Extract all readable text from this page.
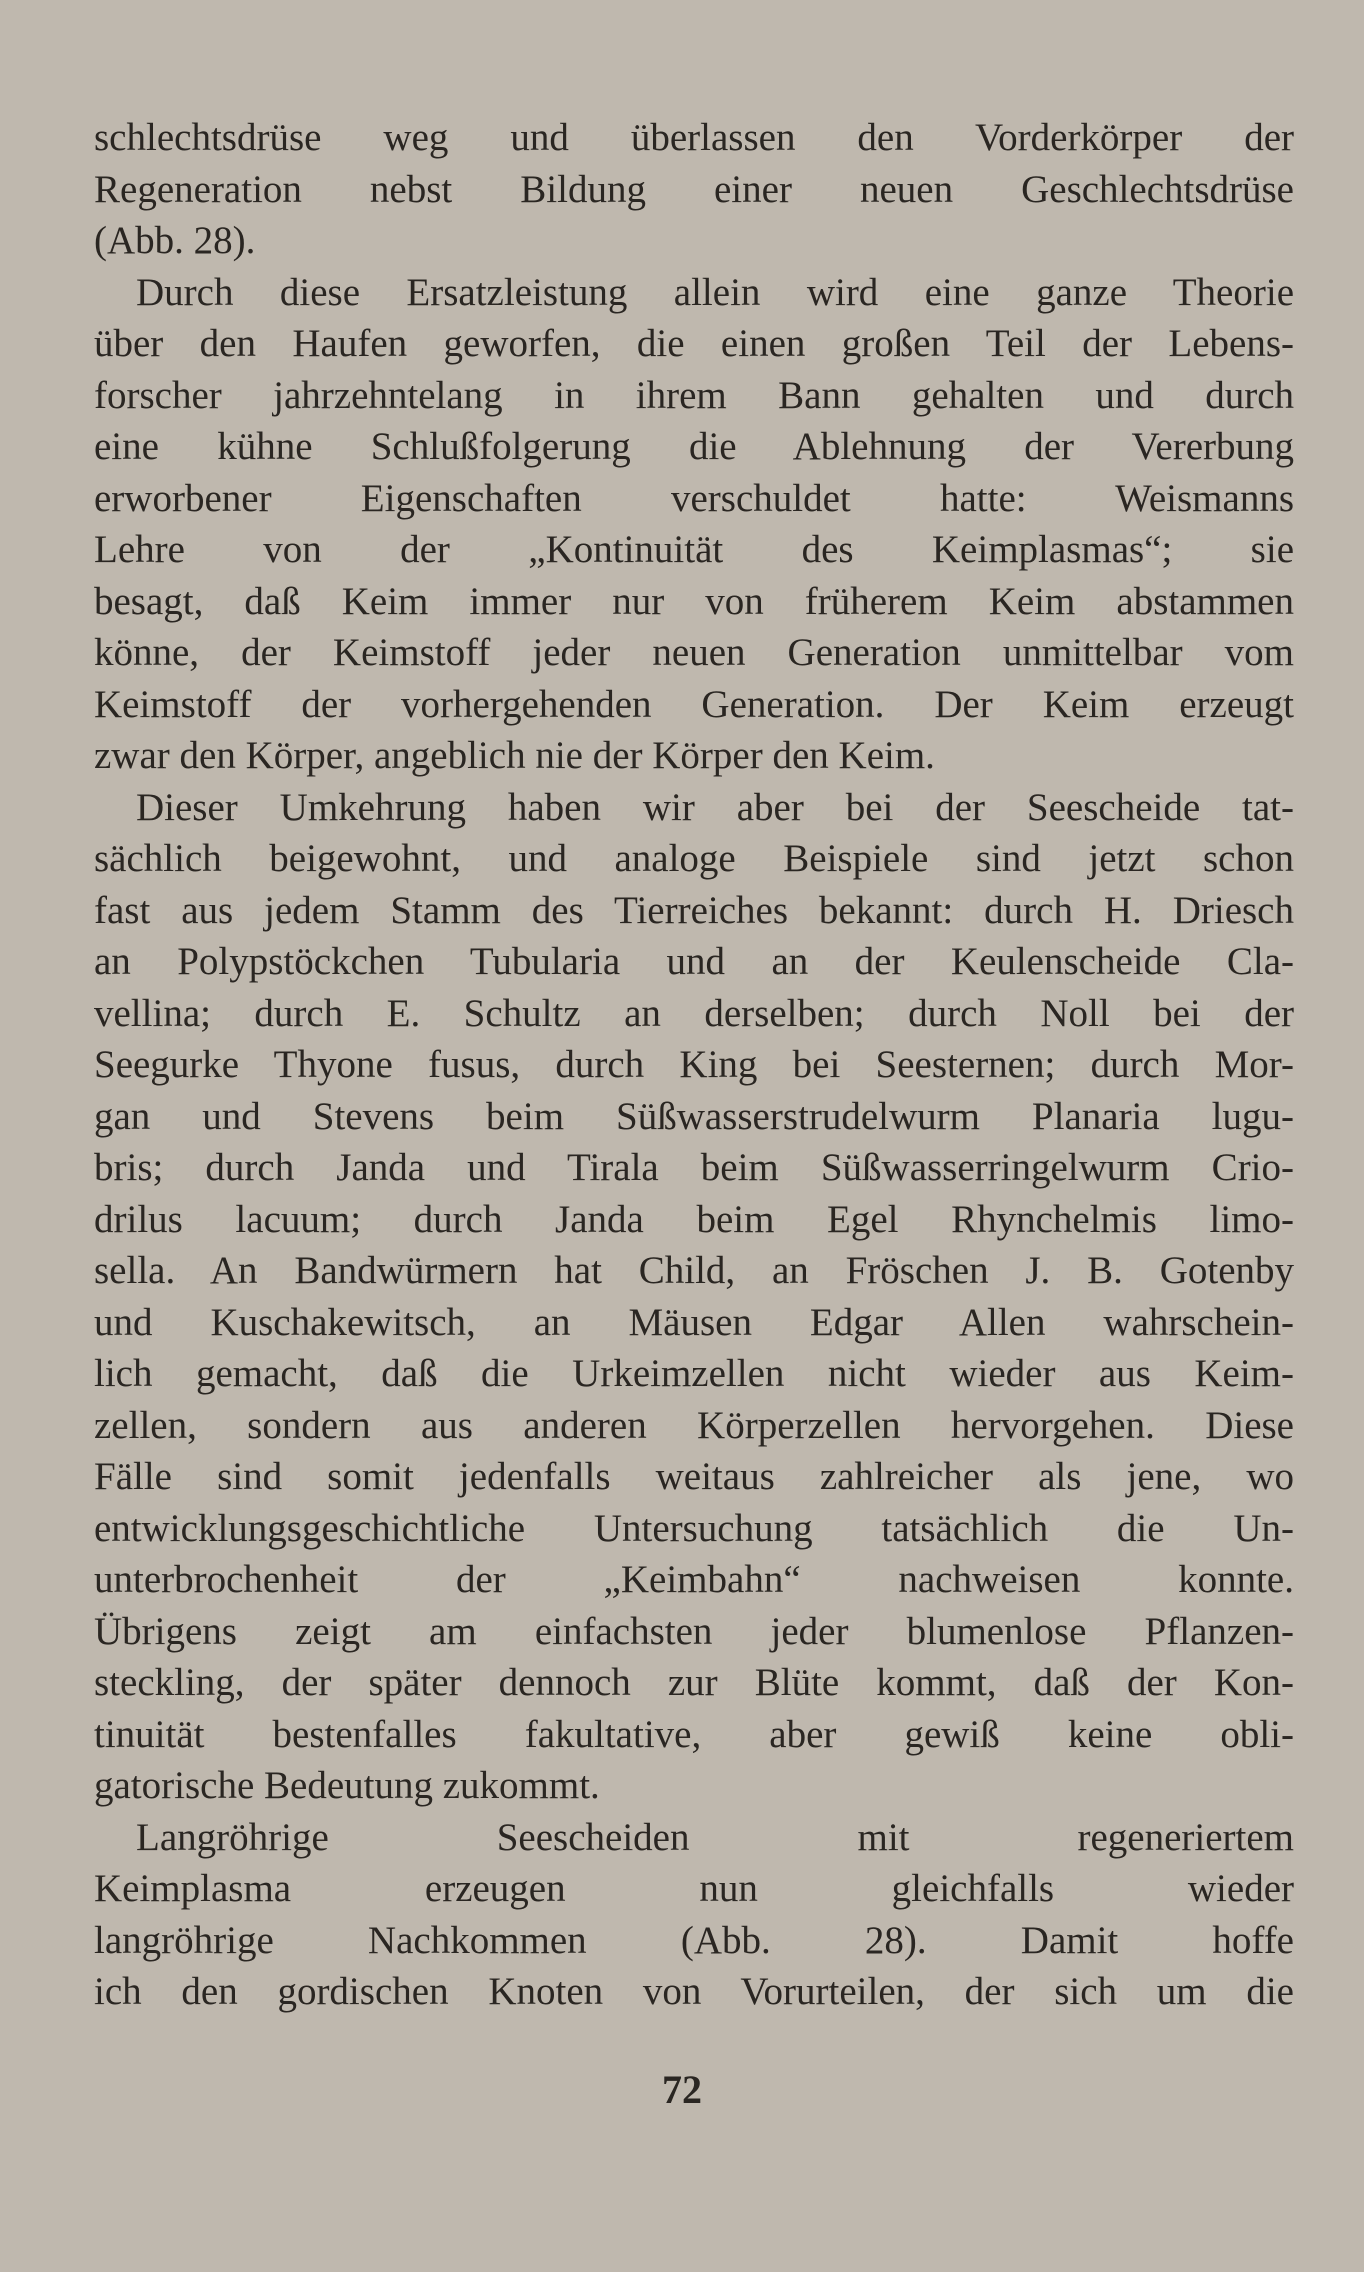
schlechtsdrüse weg und überlassen den Vorderkörper der
Regeneration nebst Bildung einer neuen Geschlechtsdrüse
(Abb. 28).
Durch diese Ersatzleistung allein wird eine ganze Theorie
über den Haufen geworfen, die einen großen Teil der Lebens-
forscher jahrzehntelang in ihrem Bann gehalten und durch
eine kühne Schlußfolgerung die Ablehnung der Vererbung
erworbener Eigenschaften verschuldet hatte: Weismanns
Lehre von der „Kontinuität des Keimplasmas“; sie
besagt, daß Keim immer nur von früherem Keim abstammen
könne, der Keimstoff jeder neuen Generation unmittelbar vom
Keimstoff der vorhergehenden Generation. Der Keim erzeugt
zwar den Körper, angeblich nie der Körper den Keim.
Dieser Umkehrung haben wir aber bei der Seescheide tat-
sächlich beigewohnt, und analoge Beispiele sind jetzt schon
fast aus jedem Stamm des Tierreiches bekannt: durch H. Driesch
an Polypstöckchen Tubularia und an der Keulenscheide Cla-
vellina; durch E. Schultz an derselben; durch Noll bei der
Seegurke Thyone fusus, durch King bei Seesternen; durch Mor-
gan und Stevens beim Süßwasserstrudelwurm Planaria lugu-
bris; durch Janda und Tirala beim Süßwasserringelwurm Crio-
drilus lacuum; durch Janda beim Egel Rhynchelmis limo-
sella. An Bandwürmern hat Child, an Fröschen J. B. Gotenby
und Kuschakewitsch, an Mäusen Edgar Allen wahrschein-
lich gemacht, daß die Urkeimzellen nicht wieder aus Keim-
zellen, sondern aus anderen Körperzellen hervorgehen. Diese
Fälle sind somit jedenfalls weitaus zahlreicher als jene, wo
entwicklungsgeschichtliche Untersuchung tatsächlich die Un-
unterbrochenheit der „Keimbahn“ nachweisen konnte.
Übrigens zeigt am einfachsten jeder blumenlose Pflanzen-
steckling, der später dennoch zur Blüte kommt, daß der Kon-
tinuität bestenfalles fakultative, aber gewiß keine obli-
gatorische Bedeutung zukommt.
Langröhrige Seescheiden mit regeneriertem
Keimplasma erzeugen nun gleichfalls wieder
langröhrige Nachkommen (Abb. 28). Damit hoffe
ich den gordischen Knoten von Vorurteilen, der sich um die
72
